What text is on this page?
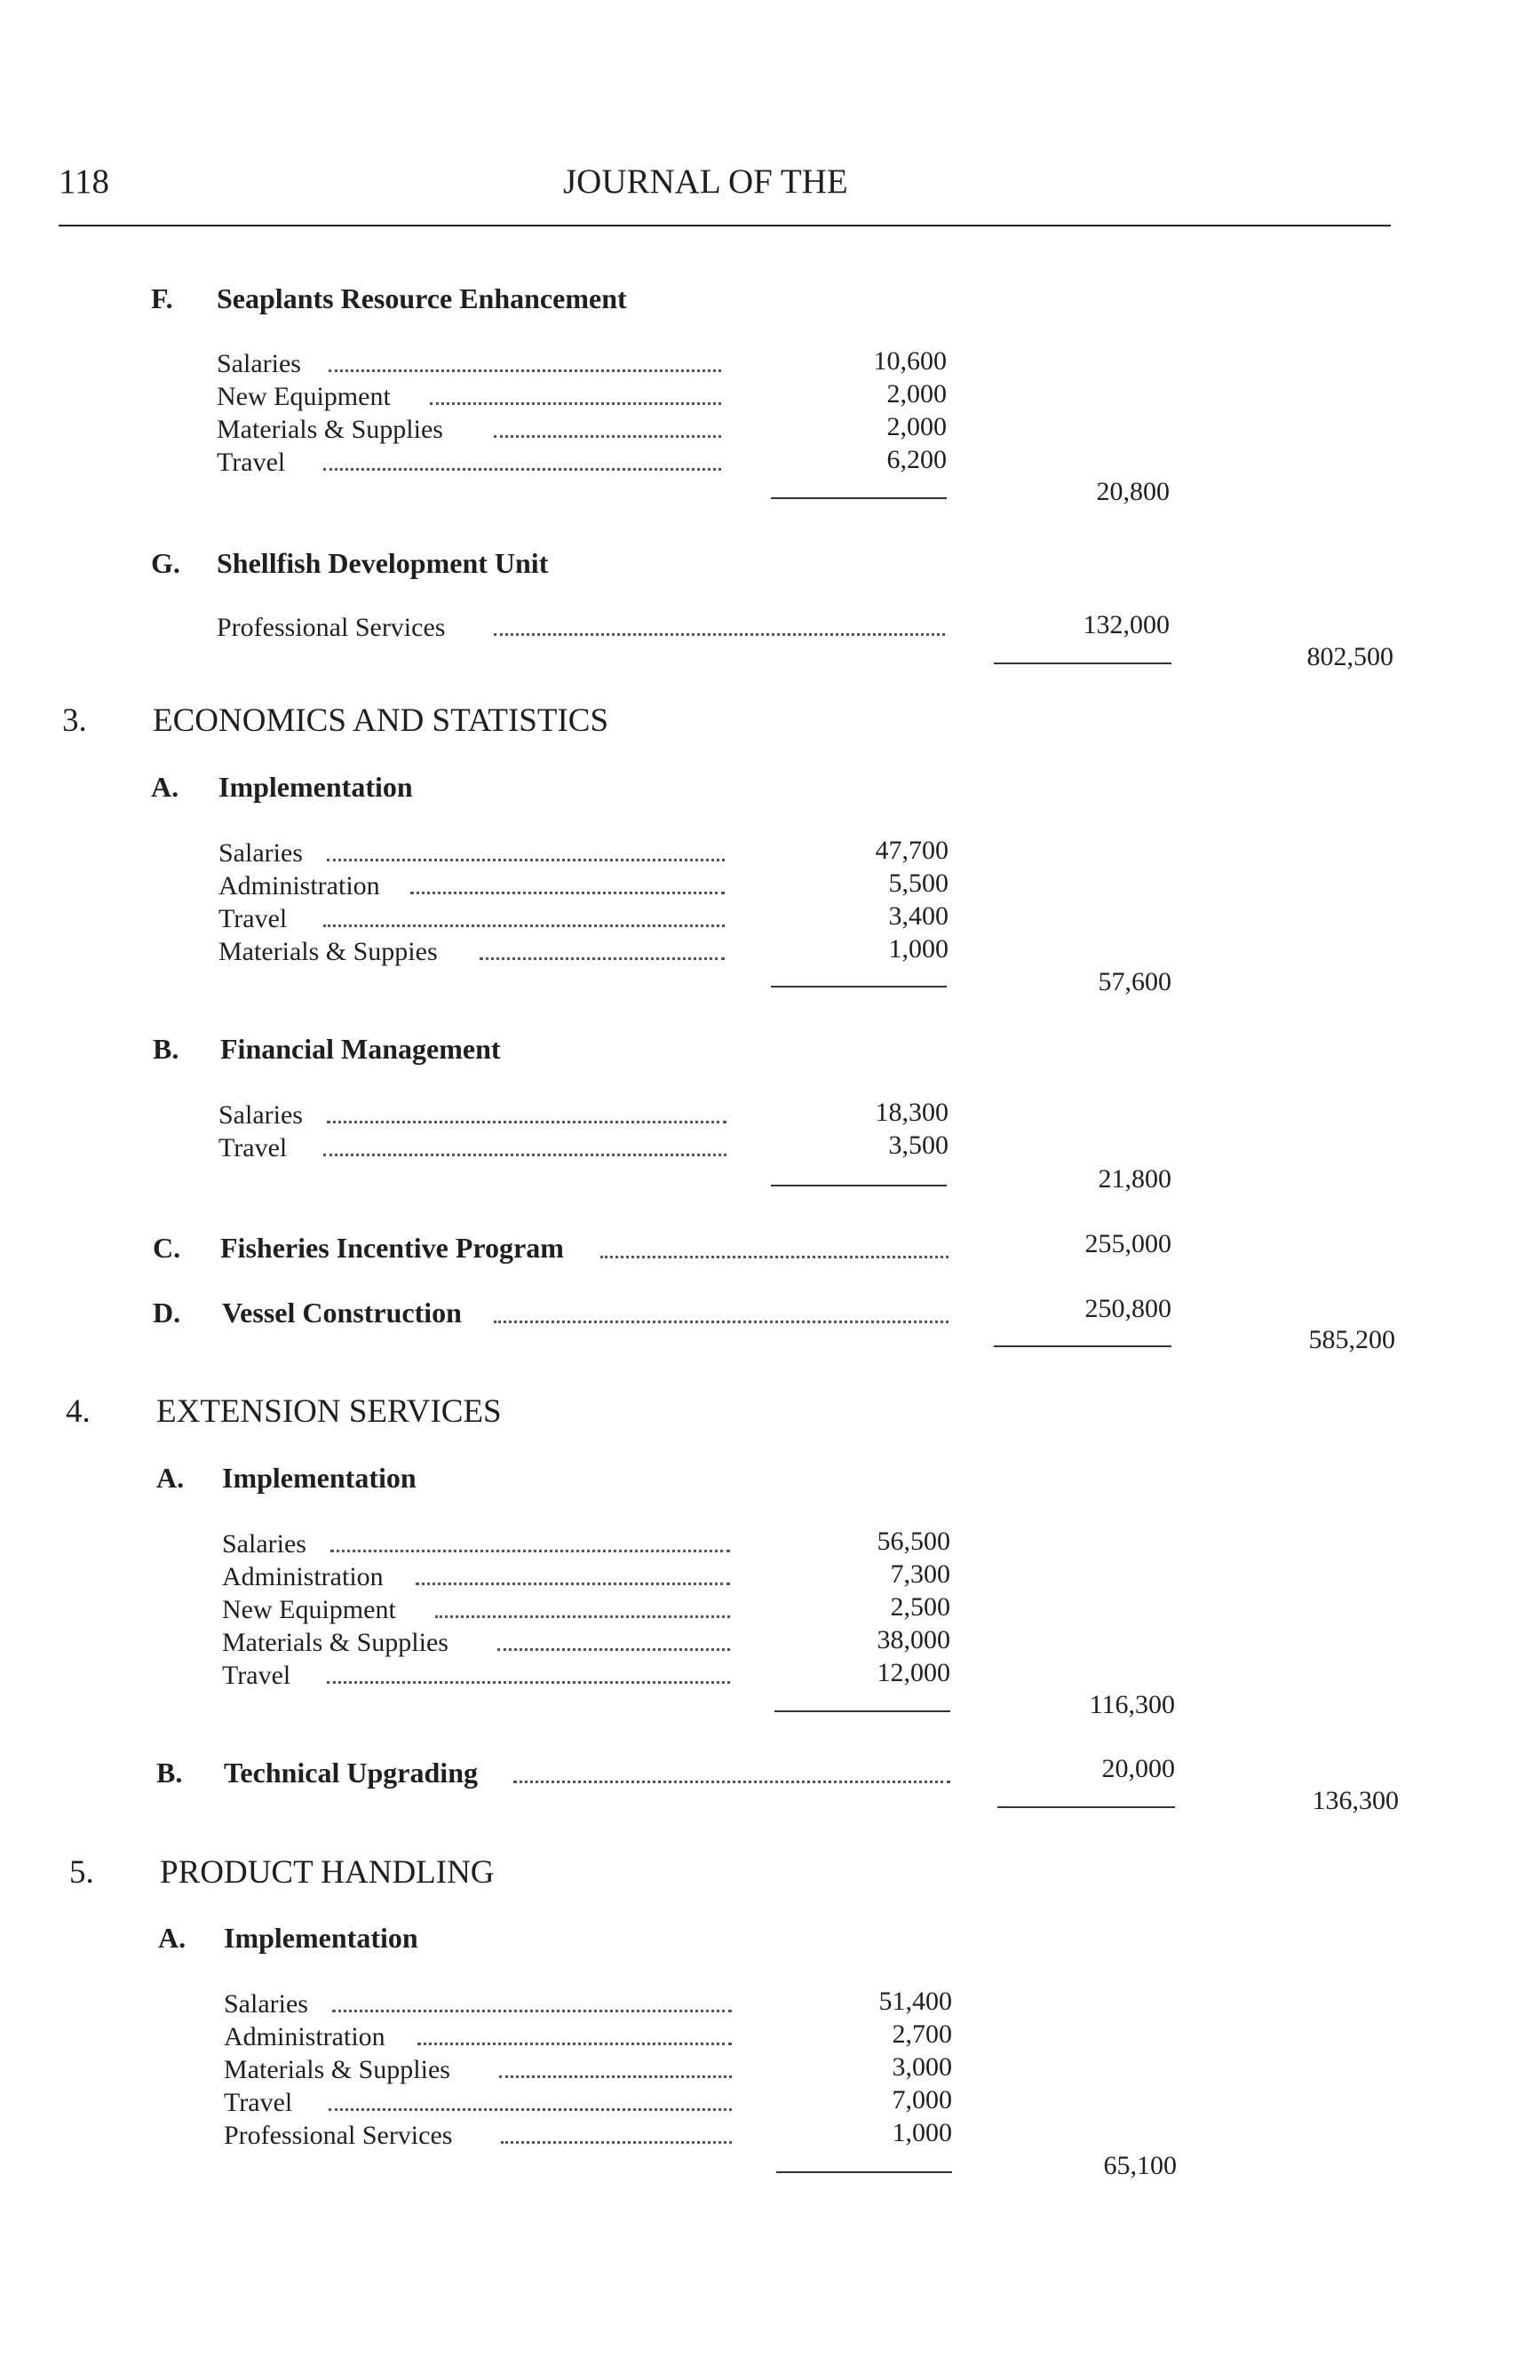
118	JOURNAL OF THE
F. Seaplants Resource Enhancement
Salaries	10,600
New Equipment	2,000
Materials & Supplies	2,000
Travel	6,200
20,800
G. Shellfish Development Unit
Professional Services	132,000
802,500
3. ECONOMICS AND STATISTICS
A. Implementation
Salaries	47,700
Administration	5,500
Travel	3,400
Materials & Suppies	1,000
57,600
B. Financial Management
Salaries	18,300
Travel	3,500
21,800
C. Fisheries Incentive Program	255,000
D. Vessel Construction	250,800
585,200
4. EXTENSION SERVICES
A. Implementation
Salaries	56,500
Administration	7,300
New Equipment	2,500
Materials & Supplies	38,000
Travel	12,000
116,300
B. Technical Upgrading	20,000
136,300
5. PRODUCT HANDLING
A. Implementation
Salaries	51,400
Administration	2,700
Materials & Supplies	3,000
Travel	7,000
Professional Services	1,000
65,100
